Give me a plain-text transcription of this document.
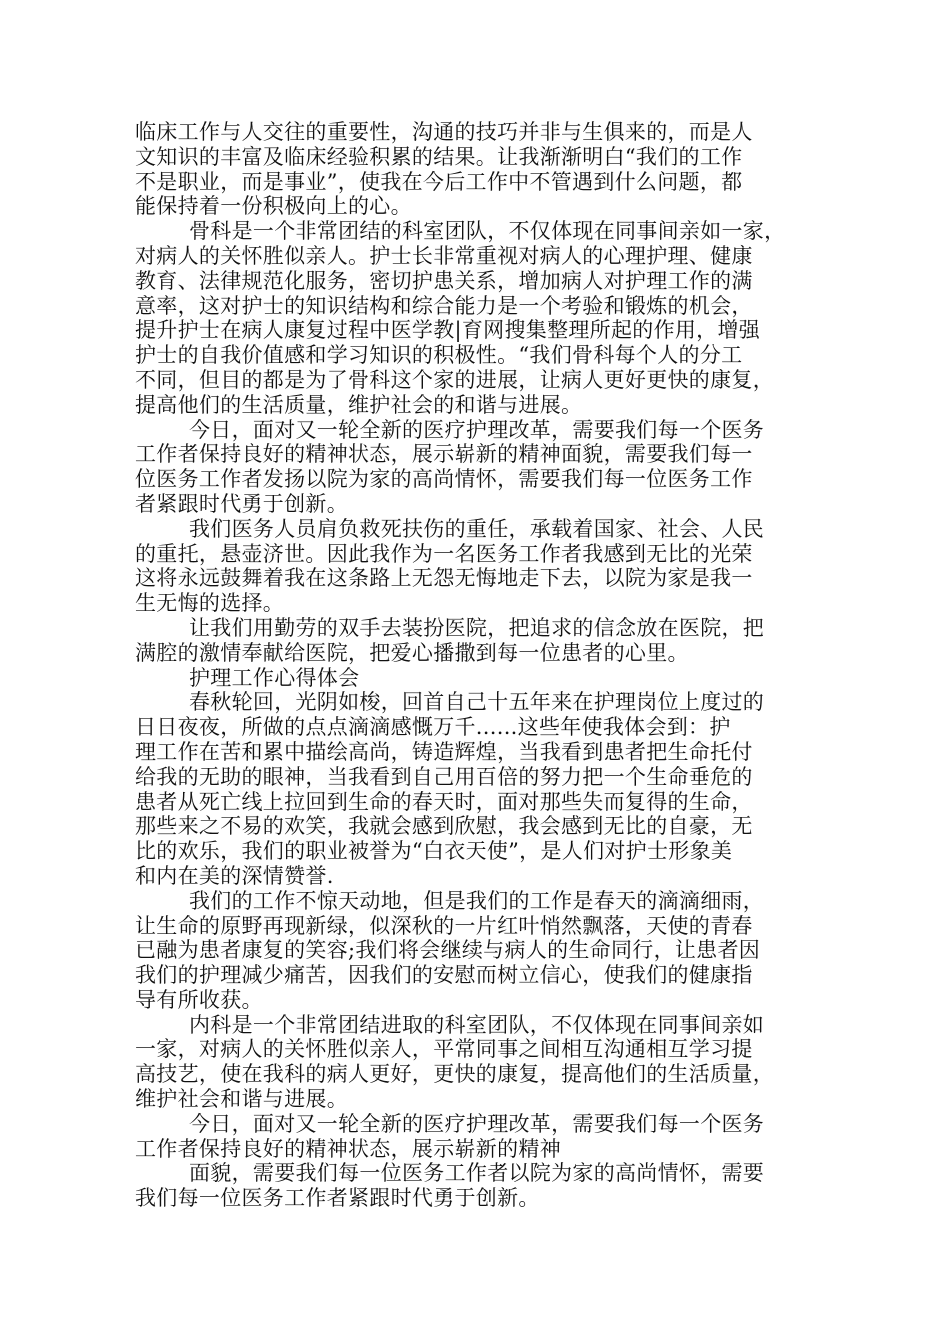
临床工作与人交往的重要性，沟通的技巧并非与生俱来的，而是人
文知识的丰富及临床经验积累的结果。让我渐渐明白“我们的工作
不是职业，而是事业”，使我在今后工作中不管遇到什么问题，都
能保持着一份积极向上的心。
骨科是一个非常团结的科室团队，不仅体现在同事间亲如一家，
对病人的关怀胜似亲人。护士长非常重视对病人的心理护理、健康
教育、法律规范化服务，密切护患关系，增加病人对护理工作的满
意率，这对护士的知识结构和综合能力是一个考验和锻炼的机会，
提升护士在病人康复过程中医学教|育网搜集整理所起的作用，增强
护士的自我价值感和学习知识的积极性。“我们骨科每个人的分工
不同，但目的都是为了骨科这个家的进展，让病人更好更快的康复，
提高他们的生活质量，维护社会的和谐与进展。
今日，面对又一轮全新的医疗护理改革，需要我们每一个医务
工作者保持良好的精神状态，展示崭新的精神面貌，需要我们每一
位医务工作者发扬以院为家的高尚情怀，需要我们每一位医务工作
者紧跟时代勇于创新。
我们医务人员肩负救死扶伤的重任，承载着国家、社会、人民
的重托，悬壶济世。因此我作为一名医务工作者我感到无比的光荣
这将永远鼓舞着我在这条路上无怨无悔地走下去，以院为家是我一
生无悔的选择。
让我们用勤劳的双手去装扮医院，把追求的信念放在医院，把
满腔的激情奉献给医院，把爱心播撒到每一位患者的心里。
护理工作心得体会
春秋轮回，光阴如梭，回首自己十五年来在护理岗位上度过的
日日夜夜，所做的点点滴滴感慨万千......这些年使我体会到：护
理工作在苦和累中描绘高尚，铸造辉煌，当我看到患者把生命托付
给我的无助的眼神，当我看到自己用百倍的努力把一个生命垂危的
患者从死亡线上拉回到生命的春天时，面对那些失而复得的生命，
那些来之不易的欢笑，我就会感到欣慰，我会感到无比的自豪，无
比的欢乐，我们的职业被誉为“白衣天使”，是人们对护士形象美
和内在美的深情赞誉.
我们的工作不惊天动地，但是我们的工作是春天的滴滴细雨，
让生命的原野再现新绿，似深秋的一片红叶悄然飘落，天使的青春
已融为患者康复的笑容;我们将会继续与病人的生命同行，让患者因
我们的护理减少痛苦，因我们的安慰而树立信心，使我们的健康指
导有所收获。
内科是一个非常团结进取的科室团队，不仅体现在同事间亲如
一家，对病人的关怀胜似亲人，平常同事之间相互沟通相互学习提
高技艺，使在我科的病人更好，更快的康复，提高他们的生活质量，
维护社会和谐与进展。
今日，面对又一轮全新的医疗护理改革，需要我们每一个医务
工作者保持良好的精神状态，展示崭新的精神
面貌，需要我们每一位医务工作者以院为家的高尚情怀，需要
我们每一位医务工作者紧跟时代勇于创新。
